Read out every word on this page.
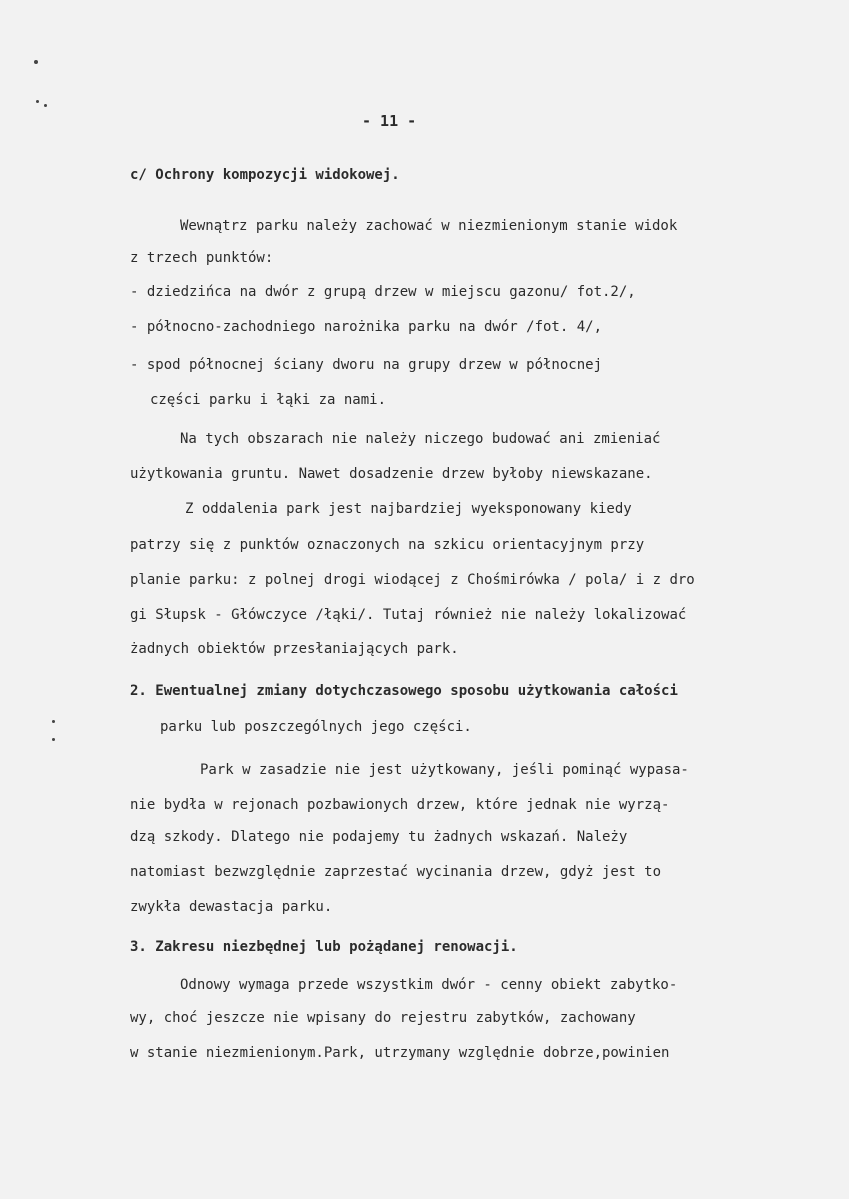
- 11 -
c/ Ochrony kompozycji widokowej.
Wewnątrz parku należy zachować w niezmienionym stanie widok
z trzech punktów:
- dziedzińca na dwór z grupą drzew w miejscu gazonu/ fot.2/,
- północno-zachodniego narożnika parku na dwór /fot. 4/,
- spod północnej ściany dworu na grupy drzew w północnej
części parku i łąki za nami.
Na tych obszarach nie należy niczego budować ani zmieniać
użytkowania gruntu. Nawet dosadzenie drzew byłoby niewskazane.
Z oddalenia park jest najbardziej wyeksponowany kiedy
patrzy się z punktów oznaczonych na szkicu orientacyjnym przy
planie parku: z polnej drogi wiodącej z Chośmirówka / pola/ i z dro
gi Słupsk - Główczyce /łąki/. Tutaj również nie należy lokalizować
żadnych obiektów przesłaniających park.
2. Ewentualnej zmiany dotychczasowego sposobu użytkowania całości
parku lub poszczególnych jego części.
Park w zasadzie nie jest użytkowany, jeśli pominąć wypasa-
nie bydła w rejonach pozbawionych drzew, które jednak nie wyrzą-
dzą szkody. Dlatego nie podajemy tu żadnych wskazań. Należy
natomiast bezwzględnie zaprzestać wycinania drzew, gdyż jest to
zwykła dewastacja parku.
3. Zakresu niezbędnej lub pożądanej renowacji.
Odnowy wymaga przede wszystkim dwór - cenny obiekt zabytko-
wy, choć jeszcze nie wpisany do rejestru zabytków, zachowany
w stanie niezmienionym.Park, utrzymany względnie dobrze,powinien
